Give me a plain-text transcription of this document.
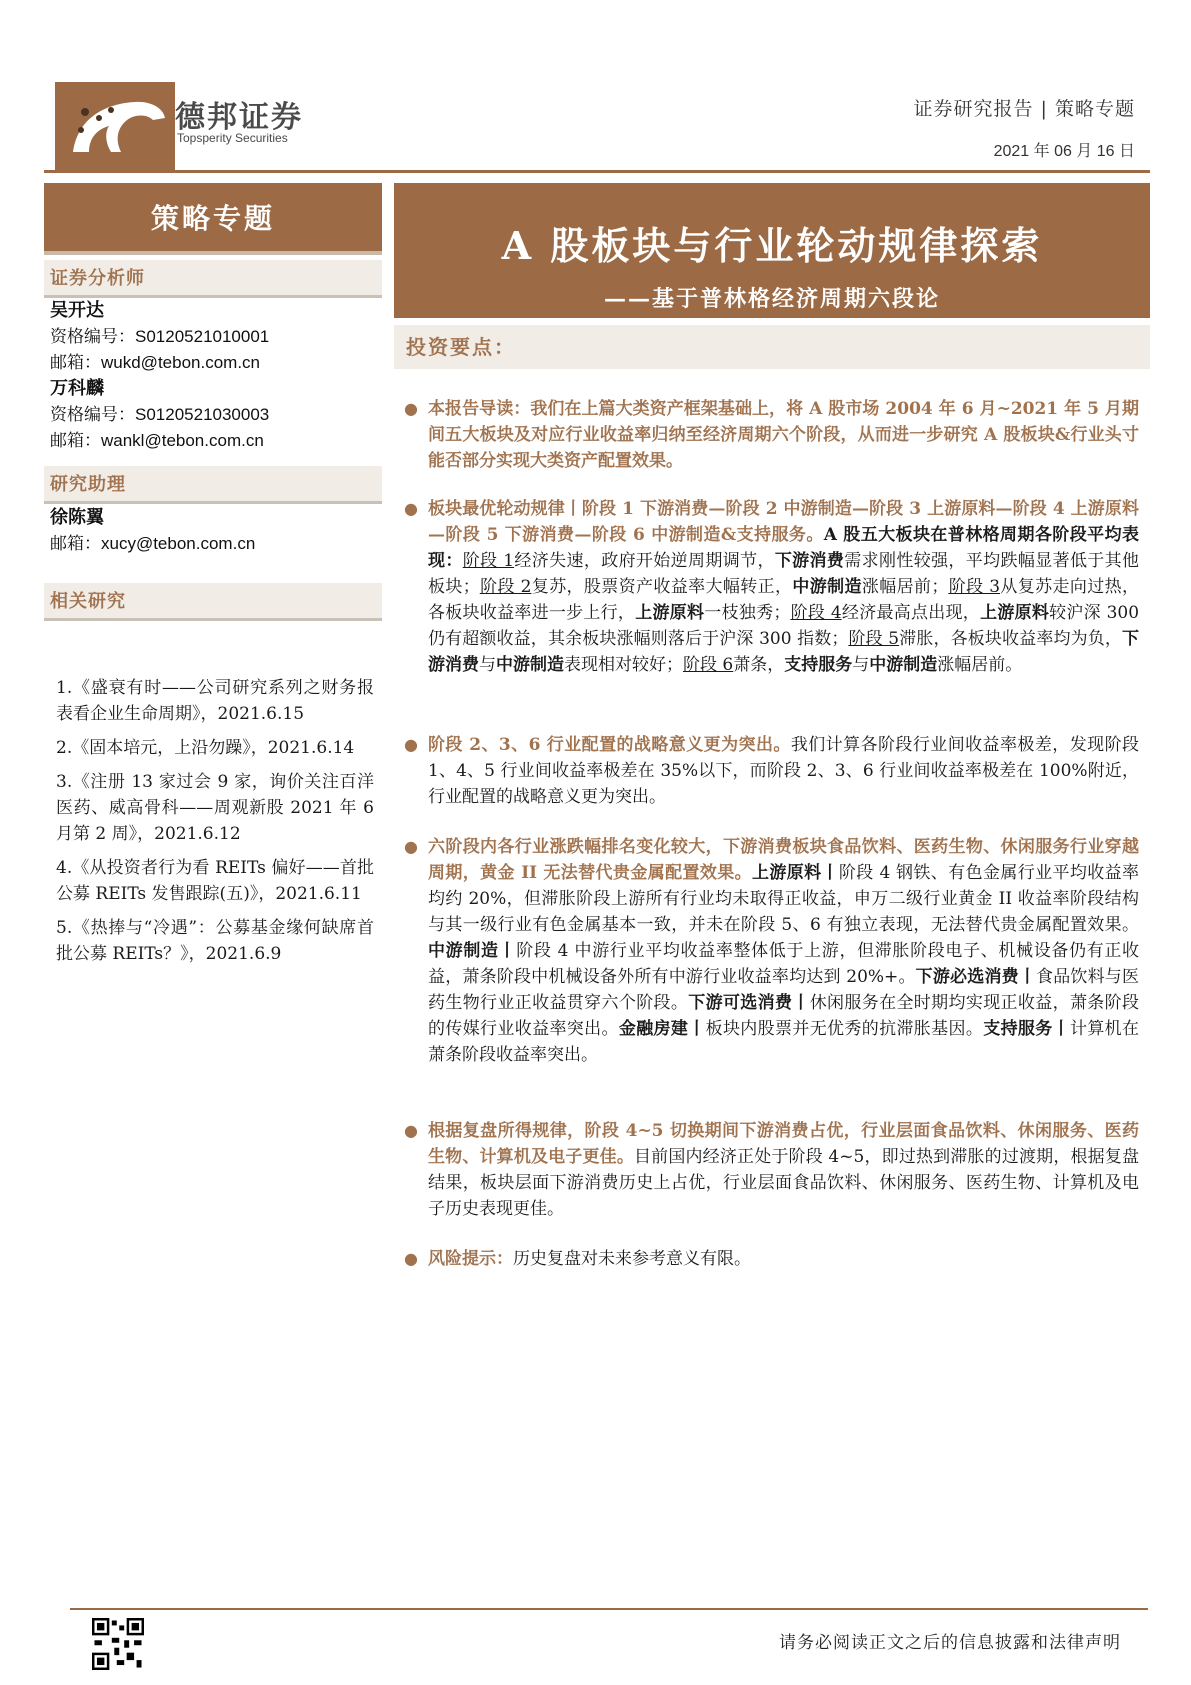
德邦证券
Topsperity Securities
证券研究报告 | 策略专题
2021 年 06 月 16 日
策略专题
证券分析师
吴开达
资格编号：S0120521010001
邮箱：wukd@tebon.com.cn
万科麟
资格编号：S0120521030003
邮箱：wankl@tebon.com.cn
研究助理
徐陈翼
邮箱：xucy@tebon.com.cn
相关研究
1.《盛衰有时——公司研究系列之财务报表看企业生命周期》，2021.6.15
2.《固本培元，上沿勿躁》，2021.6.14
3.《注册 13 家过会 9 家，询价关注百洋医药、威高骨科——周观新股 2021 年 6 月第 2 周》，2021.6.12
4.《从投资者行为看 REITs 偏好——首批公募 REITs 发售跟踪(五)》，2021.6.11
5.《热捧与“冷遇”：公募基金缘何缺席首批公募 REITs？》，2021.6.9
A 股板块与行业轮动规律探索
——基于普林格经济周期六段论
投资要点：
● 本报告导读：我们在上篇大类资产框架基础上，将 A 股市场 2004 年 6 月~2021 年 5 月期间五大板块及对应行业收益率归纳至经济周期六个阶段，从而进一步研究 A 股板块&行业头寸能否部分实现大类资产配置效果。
● 板块最优轮动规律丨阶段 1 下游消费—阶段 2 中游制造—阶段 3 上游原料—阶段 4 上游原料—阶段 5 下游消费—阶段 6 中游制造&支持服务。A 股五大板块在普林格周期各阶段平均表现：阶段 1经济失速，政府开始逆周期调节，下游消费需求刚性较强，平均跌幅显著低于其他板块；阶段 2复苏，股票资产收益率大幅转正，中游制造涨幅居前；阶段 3从复苏走向过热，各板块收益率进一步上行，上游原料一枝独秀；阶段 4经济最高点出现，上游原料较沪深 300 仍有超额收益，其余板块涨幅则落后于沪深 300 指数；阶段 5滞胀，各板块收益率均为负，下游消费与中游制造表现相对较好；阶段 6萧条，支持服务与中游制造涨幅居前。
● 阶段 2、3、6 行业配置的战略意义更为突出。我们计算各阶段行业间收益率极差，发现阶段 1、4、5 行业间收益率极差在 35%以下，而阶段 2、3、6 行业间收益率极差在 100%附近，行业配置的战略意义更为突出。
● 六阶段内各行业涨跌幅排名变化较大，下游消费板块食品饮料、医药生物、休闲服务行业穿越周期，黄金 II 无法替代贵金属配置效果。上游原料丨阶段 4 钢铁、有色金属行业平均收益率均约 20%，但滞胀阶段上游所有行业均未取得正收益，申万二级行业黄金 II 收益率阶段结构与其一级行业有色金属基本一致，并未在阶段 5、6 有独立表现，无法替代贵金属配置效果。中游制造丨阶段 4 中游行业平均收益率整体低于上游，但滞胀阶段电子、机械设备仍有正收益，萧条阶段中机械设备外所有中游行业收益率均达到 20%+。下游必选消费丨食品饮料与医药生物行业正收益贯穿六个阶段。下游可选消费丨休闲服务在全时期均实现正收益，萧条阶段的传媒行业收益率突出。金融房建丨板块内股票并无优秀的抗滞胀基因。支持服务丨计算机在萧条阶段收益率突出。
● 根据复盘所得规律，阶段 4~5 切换期间下游消费占优，行业层面食品饮料、休闲服务、医药生物、计算机及电子更佳。目前国内经济正处于阶段 4~5，即过热到滞胀的过渡期，根据复盘结果，板块层面下游消费历史上占优，行业层面食品饮料、休闲服务、医药生物、计算机及电子历史表现更佳。
● 风险提示：历史复盘对未来参考意义有限。
请务必阅读正文之后的信息披露和法律声明
